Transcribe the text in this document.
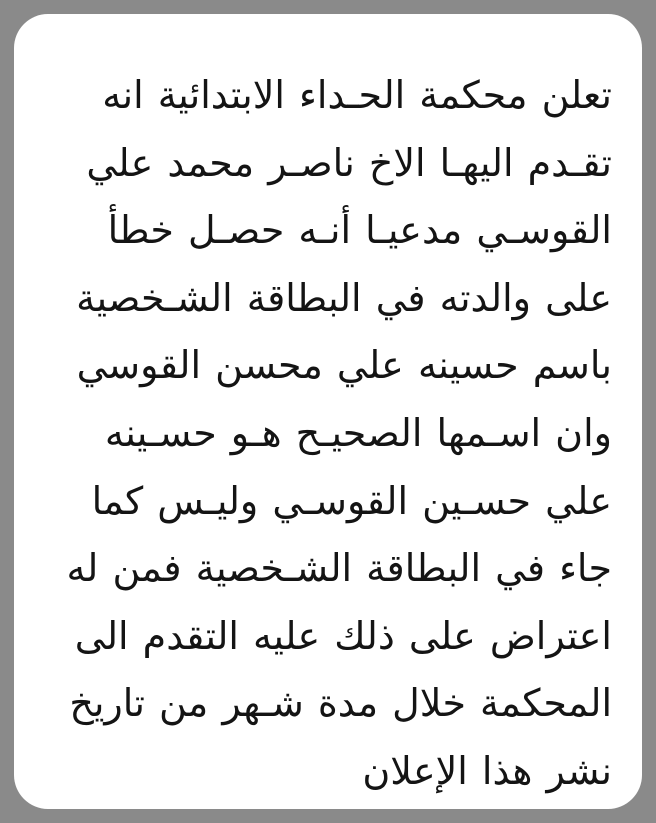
تعلن محكمة الحـداء الابتدائية انه
تقـدم اليهـا الاخ ناصـر محمد علي
القوسـي مدعيـا أنـه حصـل خطأ
على والدته في البطاقة الشـخصية
باسم حسينه علي محسن القوسي
وان اسـمها الصحيـح هـو حسـينه
علي حسـين القوسـي وليـس كما
جاء في البطاقة الشـخصية فمن له
اعتراض على ذلك عليه التقدم الى
المحكمة خلال مدة شـهر من تاريخ
نشر هذا الإعلان
